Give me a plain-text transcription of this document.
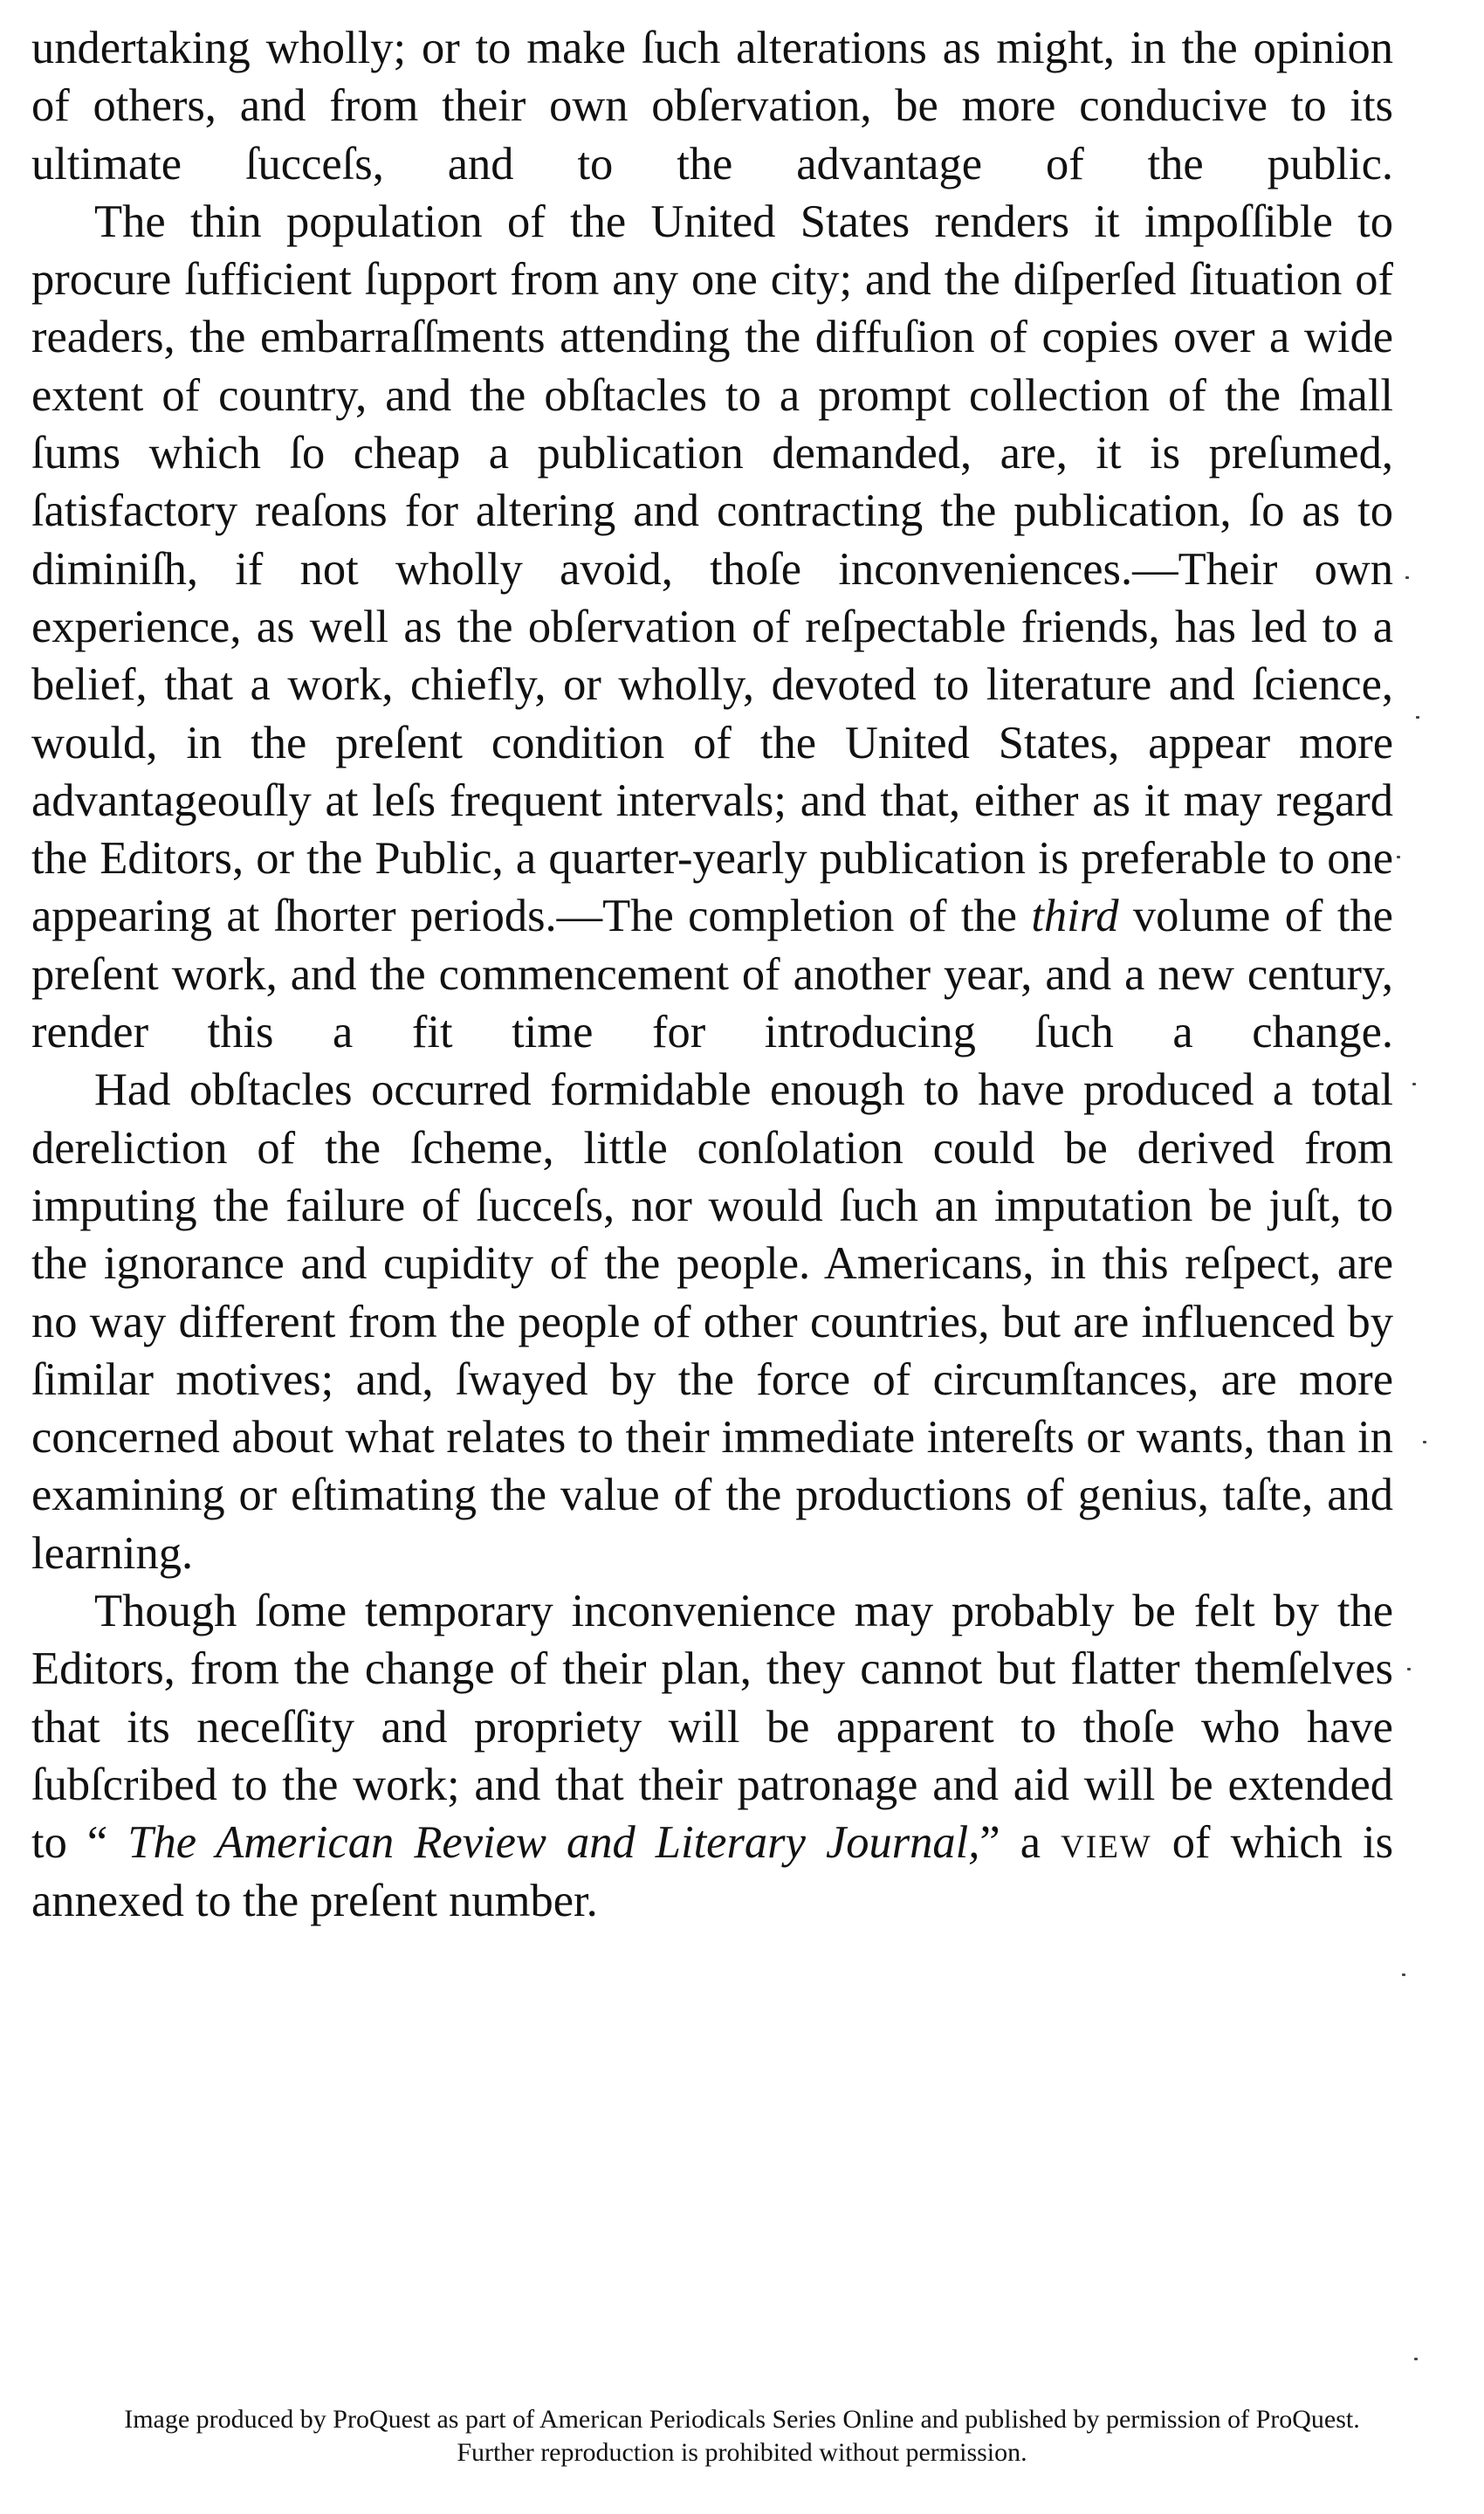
undertaking wholly; or to make ſuch alterations as might, in the opinion of others, and from their own obſervation, be more conducive to its ultimate ſucceſs, and to the advantage of the public.

The thin population of the United States renders it impoſſible to procure ſufficient ſupport from any one city; and the diſperſed ſituation of readers, the embarraſſments attending the diffuſion of copies over a wide extent of country, and the obſtacles to a prompt collection of the ſmall ſums which ſo cheap a publication demanded, are, it is preſumed, ſatisfactory reaſons for altering and contracting the publication, ſo as to diminiſh, if not wholly avoid, thoſe inconveniences.—Their own experience, as well as the obſervation of reſpectable friends, has led to a belief, that a work, chiefly, or wholly, devoted to literature and ſcience, would, in the preſent condition of the United States, appear more advantageouſly at leſs frequent intervals; and that, either as it may regard the Editors, or the Public, a quarter-yearly publication is preferable to one appearing at ſhorter periods.—The completion of the third volume of the preſent work, and the commencement of another year, and a new century, render this a fit time for introducing ſuch a change.

Had obſtacles occurred formidable enough to have produced a total dereliction of the ſcheme, little conſolation could be derived from imputing the failure of ſucceſs, nor would ſuch an imputation be juſt, to the ignorance and cupidity of the people. Americans, in this reſpect, are no way different from the people of other countries, but are influenced by ſimilar motives; and, ſwayed by the force of circumſtances, are more concerned about what relates to their immediate intereſts or wants, than in examining or eſtimating the value of the productions of genius, taſte, and learning.

Though ſome temporary inconvenience may probably be felt by the Editors, from the change of their plan, they cannot but flatter themſelves that its neceſſity and propriety will be apparent to thoſe who have ſubſcribed to the work; and that their patronage and aid will be extended to “ The American Review and Literary Journal,” a view of which is annexed to the preſent number.

Image produced by ProQuest as part of American Periodicals Series Online and published by permission of ProQuest.
Further reproduction is prohibited without permission.
